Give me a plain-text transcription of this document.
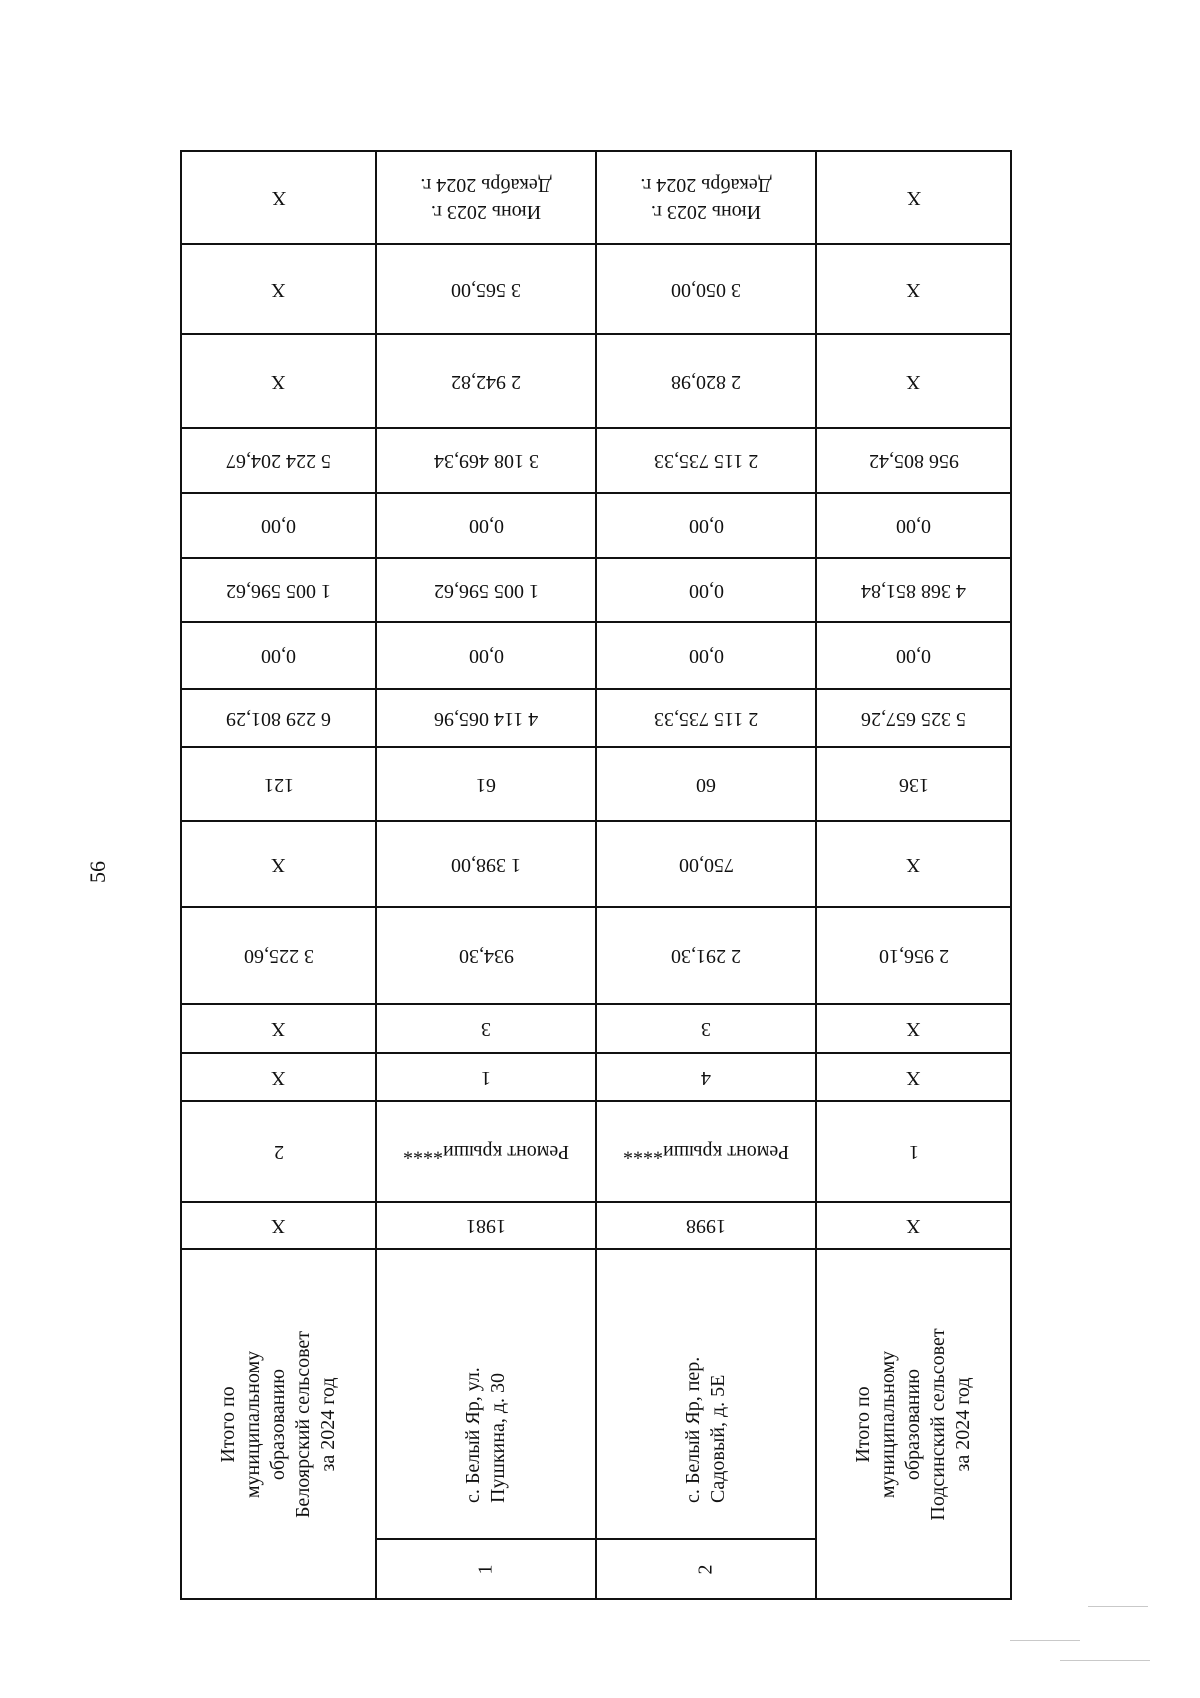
56
X
X
X
5 224 204,67
0,00
1 005 596,62
0,00
6 229 801,29
121
X
3 225,60
X
X
2
X
Итого по муниципальному образованию Белоярский сельсовет за 2024 год
Июнь 2023 г. Декабрь 2024 г.
3 565,00
2 942,82
3 108 469,34
0,00
1 005 596,62
0,00
4 114 065,96
61
1 398,00
934,30
3
1
Ремонт крыши****
1981
с. Белый Яр, ул. Пушкина, д. 30
1
Июнь 2023 г. Декабрь 2024 г.
3 050,00
2 820,98
2 115 735,33
0,00
0,00
0,00
2 115 735,33
60
750,00
2 291,30
3
4
Ремонт крыши****
1998
с. Белый Яр, пер. Садовый, д. 5Е
2
X
X
X
956 805,42
0,00
4 368 851,84
0,00
5 325 657,26
136
X
2 956,10
X
X
1
X
Итого по муниципальному образованию Подсинский сельсовет за 2024 год
